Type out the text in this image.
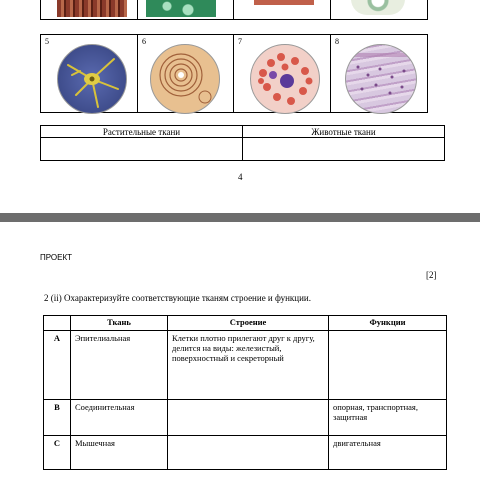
5	6	7	8
Растительные ткани	Животные ткани

4
ПРОЕКТ
[2]
2 (ii) Охарактеризуйте соответствующие тканям строение и функции.
	Ткань	Строение	Функции
A	Эпителиальная	Клетки плотно прилегают друг к другу, делится на виды: железистый, поверхностный и секреторный	
B	Соединительная		опорная, транспортная, защитная
C	Мышечная		двигательная
